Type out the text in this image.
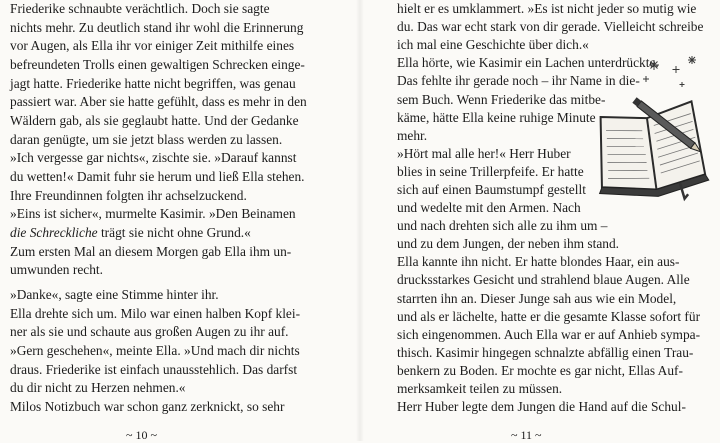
Friederike schnaubte verächtlich. Doch sie sagte

nichts mehr. Zu deutlich stand ihr wohl die Erinnerung

vor Augen, als Ella ihr vor einiger Zeit mithilfe eines

befreundeten Trolls einen gewaltigen Schrecken einge-

jagt hatte. Friederike hatte nicht begriffen, was genau

passiert war. Aber sie hatte gefühlt, dass es mehr in den

Wäldern gab, als sie geglaubt hatte. Und der Gedanke

daran genügte, um sie jetzt blass werden zu lassen.

»Ich vergesse gar nichts«, zischte sie. »Darauf kannst

du wetten!« Damit fuhr sie herum und ließ Ella stehen.

Ihre Freundinnen folgten ihr achselzuckend.

»Eins ist sicher«, murmelte Kasimir. »Den Beinamen

die Schreckliche trägt sie nicht ohne Grund.«

Zum ersten Mal an diesem Morgen gab Ella ihm un-

umwunden recht.

»Danke«, sagte eine Stimme hinter ihr.

Ella drehte sich um. Milo war einen halben Kopf klei-

ner als sie und schaute aus großen Augen zu ihr auf.

»Gern geschehen«, meinte Ella. »Und mach dir nichts

draus. Friederike ist einfach unausstehlich. Das darfst

du dir nicht zu Herzen nehmen.«

Milos Notizbuch war schon ganz zerknickt, so sehr

~ 10 ~

hielt er es umklammert. »Es ist nicht jeder so mutig wie

du. Das war echt stark von dir gerade. Vielleicht schreibe

ich mal eine Geschichte über dich.«

Ella hörte, wie Kasimir ein Lachen unterdrückte.

Das fehlte ihr gerade noch – ihr Name in die-

sem Buch. Wenn Friederike das mitbe-

käme, hätte Ella keine ruhige Minute

mehr.

»Hört mal alle her!« Herr Huber

blies in seine Trillerpfeife. Er hatte

sich auf einen Baumstumpf gestellt

und wedelte mit den Armen. Nach

und nach drehten sich alle zu ihm um –

und zu dem Jungen, der neben ihm stand.

Ella kannte ihn nicht. Er hatte blondes Haar, ein aus-

drucksstarkes Gesicht und strahlend blaue Augen. Alle

starrten ihn an. Dieser Junge sah aus wie ein Model,

und als er lächelte, hatte er die gesamte Klasse sofort für

sich eingenommen. Auch Ella war er auf Anhieb sympa-

thisch. Kasimir hingegen schnalzte abfällig einen Trau-

benkern zu Boden. Er mochte es gar nicht, Ellas Auf-

merksamkeit teilen zu müssen.

Herr Huber legte dem Jungen die Hand auf die Schul-

~ 11 ~
